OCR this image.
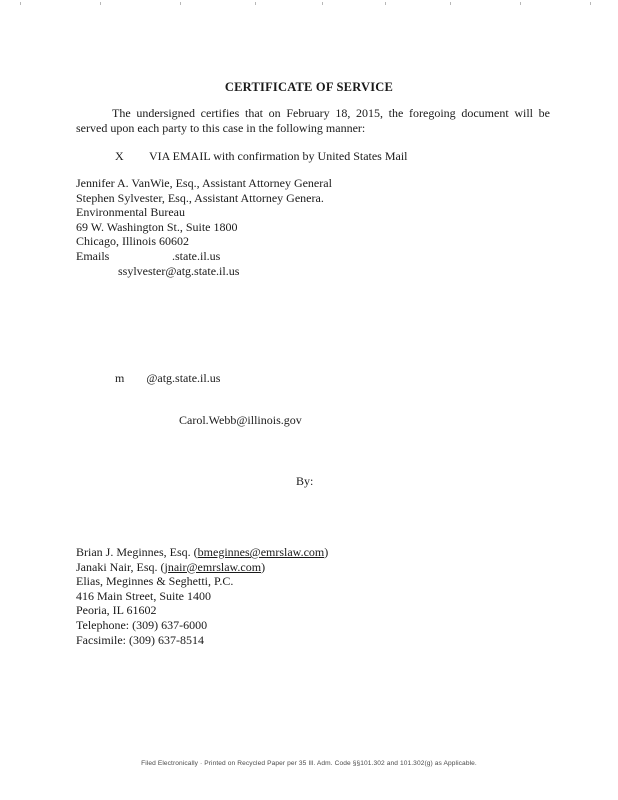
CERTIFICATE OF SERVICE
The undersigned certifies that on February 18, 2015, the foregoing document will be served upon each party to this case in the following manner:
X VIA EMAIL with confirmation by United States Mail
Jennifer A. VanWie, Esq., Assistant Attorney General
Stephen Sylvester, Esq., Assistant Attorney Genera.
Environmental Bureau
69 W. Washington St., Suite 1800
Chicago, Illinois 60602
Emails	.state.il.us
ssylvester@atg.state.il.us
m @atg.state.il.us
Carol.Webb@illinois.gov
By:
Brian J. Meginnes, Esq. (bmeginnes@emrslaw.com)
Janaki Nair, Esq. (jnair@emrslaw.com)
Elias, Meginnes & Seghetti, P.C.
416 Main Street, Suite 1400
Peoria, IL 61602
Telephone: (309) 637-6000
Facsimile: (309) 637-8514
Filed Electronically · Printed on Recycled Paper per 35 Ill. Adm. Code §§101.302 and 101.302(g) as Applicable.
